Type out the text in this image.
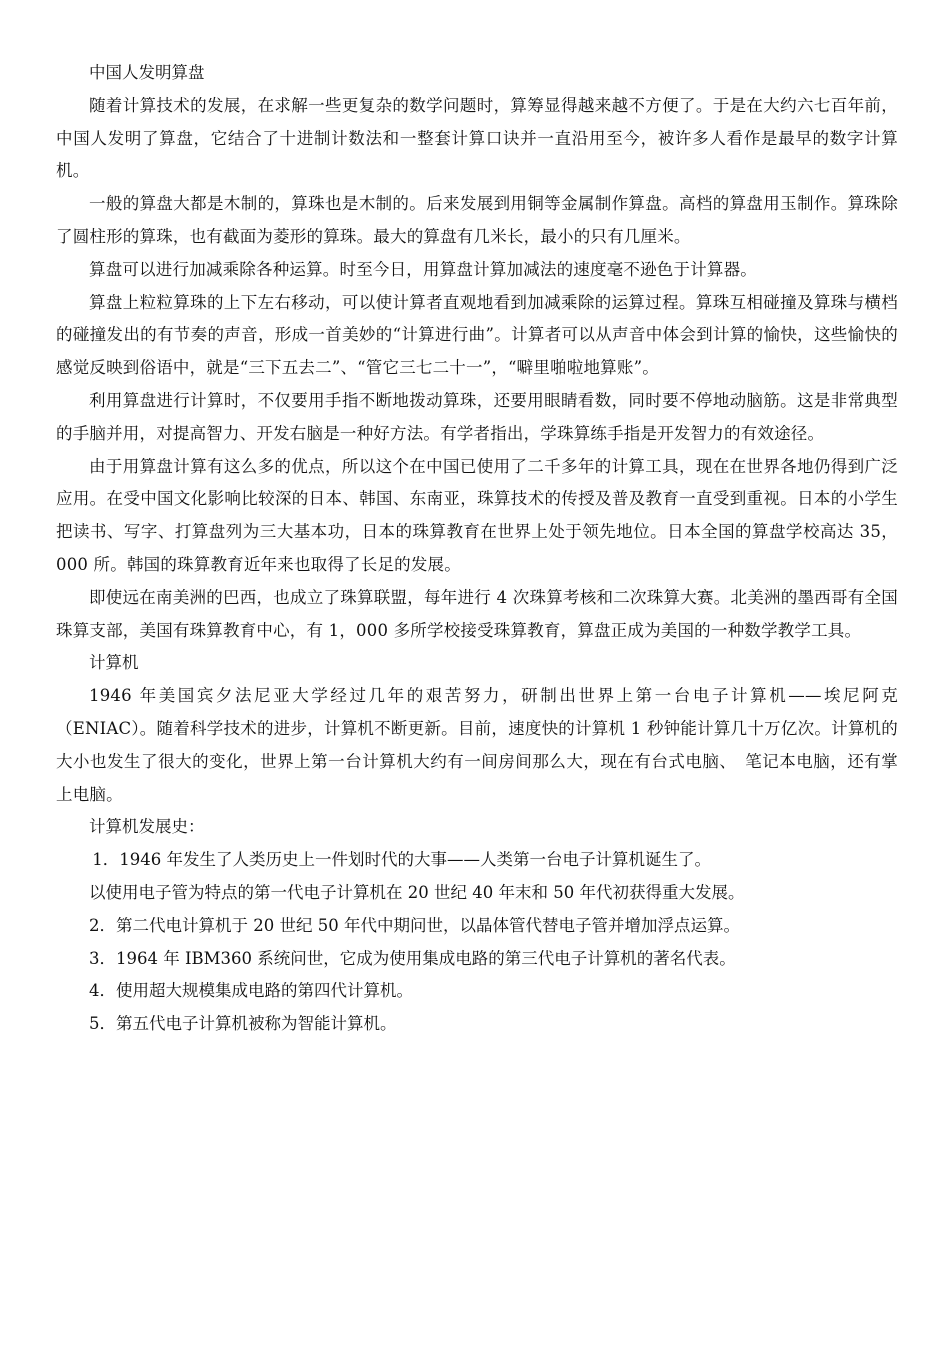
中国人发明算盘

随着计算技术的发展，在求解一些更复杂的数学问题时，算筹显得越来越不方便了。于是在大约六七百年前，中国人发明了算盘，它结合了十进制计数法和一整套计算口诀并一直沿用至今，被许多人看作是最早的数字计算机。

一般的算盘大都是木制的，算珠也是木制的。后来发展到用铜等金属制作算盘。高档的算盘用玉制作。算珠除了圆柱形的算珠，也有截面为菱形的算珠。最大的算盘有几米长，最小的只有几厘米。

算盘可以进行加减乘除各种运算。时至今日，用算盘计算加减法的速度毫不逊色于计算器。

算盘上粒粒算珠的上下左右移动，可以使计算者直观地看到加减乘除的运算过程。算珠互相碰撞及算珠与横档的碰撞发出的有节奏的声音，形成一首美妙的“计算进行曲”。计算者可以从声音中体会到计算的愉快，这些愉快的感觉反映到俗语中，就是“三下五去二”、“管它三七二十一”，“噼里啪啦地算账”。

利用算盘进行计算时，不仅要用手指不断地拨动算珠，还要用眼睛看数，同时要不停地动脑筋。这是非常典型的手脑并用，对提高智力、开发右脑是一种好方法。有学者指出，学珠算练手指是开发智力的有效途径。

由于用算盘计算有这么多的优点，所以这个在中国已使用了二千多年的计算工具，现在在世界各地仍得到广泛应用。在受中国文化影响比较深的日本、韩国、东南亚，珠算技术的传授及普及教育一直受到重视。日本的小学生把读书、写字、打算盘列为三大基本功，日本的珠算教育在世界上处于领先地位。日本全国的算盘学校高达 35，000 所。韩国的珠算教育近年来也取得了长足的发展。

即使远在南美洲的巴西，也成立了珠算联盟，每年进行 4 次珠算考核和二次珠算大赛。北美洲的墨西哥有全国珠算支部，美国有珠算教育中心，有 1，000 多所学校接受珠算教育，算盘正成为美国的一种数学教学工具。

计算机

1946 年美国宾夕法尼亚大学经过几年的艰苦努力，研制出世界上第一台电子计算机——埃尼阿克（ENIAC）。随着科学技术的进步，计算机不断更新。目前，速度快的计算机 1 秒钟能计算几十万亿次。计算机的大小也发生了很大的变化，世界上第一台计算机大约有一间房间那么大，现在有台式电脑、　笔记本电脑，还有掌上电脑。

计算机发展史：

1．1946 年发生了人类历史上一件划时代的大事——人类第一台电子计算机诞生了。

以使用电子管为特点的第一代电子计算机在 20 世纪 40 年末和 50 年代初获得重大发展。

2．第二代电计算机于 20 世纪 50 年代中期问世，以晶体管代替电子管并增加浮点运算。

3．1964 年 IBM360 系统问世，它成为使用集成电路的第三代电子计算机的著名代表。

4．使用超大规模集成电路的第四代计算机。

5．第五代电子计算机被称为智能计算机。
